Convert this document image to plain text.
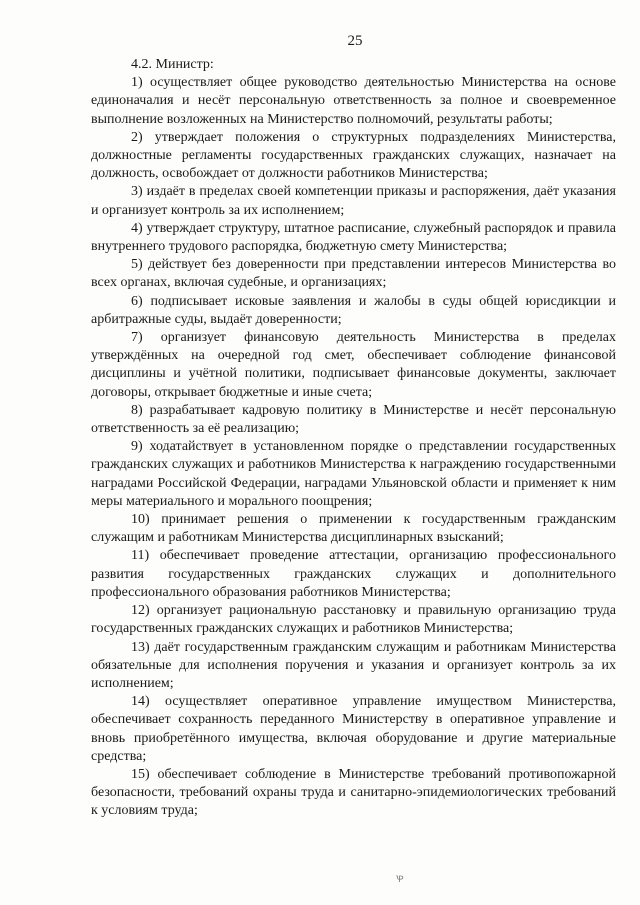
25

4.2. Министр:

1) осуществляет общее руководство деятельностью Министерства на основе единоначалия и несёт персональную ответственность за полное и своевременное выполнение возложенных на Министерство полномочий, результаты работы;

2) утверждает положения о структурных подразделениях Министерства, должностные регламенты государственных гражданских служащих, назначает на должность, освобождает от должности работников Министерства;

3) издаёт в пределах своей компетенции приказы и распоряжения, даёт указания и организует контроль за их исполнением;

4) утверждает структуру, штатное расписание, служебный распорядок и правила внутреннего трудового распорядка, бюджетную смету Министерства;

5) действует без доверенности при представлении интересов Министерства во всех органах, включая судебные, и организациях;

6) подписывает исковые заявления и жалобы в суды общей юрисдикции и арбитражные суды, выдаёт доверенности;

7) организует финансовую деятельность Министерства в пределах утверждённых на очередной год смет, обеспечивает соблюдение финансовой дисциплины и учётной политики, подписывает финансовые документы, заключает договоры, открывает бюджетные и иные счета;

8) разрабатывает кадровую политику в Министерстве и несёт персональную ответственность за её реализацию;

9) ходатайствует в установленном порядке о представлении государственных гражданских служащих и работников Министерства к награждению государственными наградами Российской Федерации, наградами Ульяновской области и применяет к ним меры материального и морального поощрения;

10) принимает решения о применении к государственным гражданским служащим и работникам Министерства дисциплинарных взысканий;

11) обеспечивает проведение аттестации, организацию профессионального развития государственных гражданских служащих и дополнительного профессионального образования работников Министерства;

12) организует рациональную расстановку и правильную организацию труда государственных гражданских служащих и работников Министерства;

13) даёт государственным гражданским служащим и работникам Министерства обязательные для исполнения поручения и указания и организует контроль за их исполнением;

14) осуществляет оперативное управление имуществом Министерства, обеспечивает сохранность переданного Министерству в оперативное управление и вновь приобретённого имущества, включая оборудование и другие материальные средства;

15) обеспечивает соблюдение в Министерстве требований противопожарной безопасности, требований охраны труда и санитарно-эпидемиологических требований к условиям труда;

Ꝕ
